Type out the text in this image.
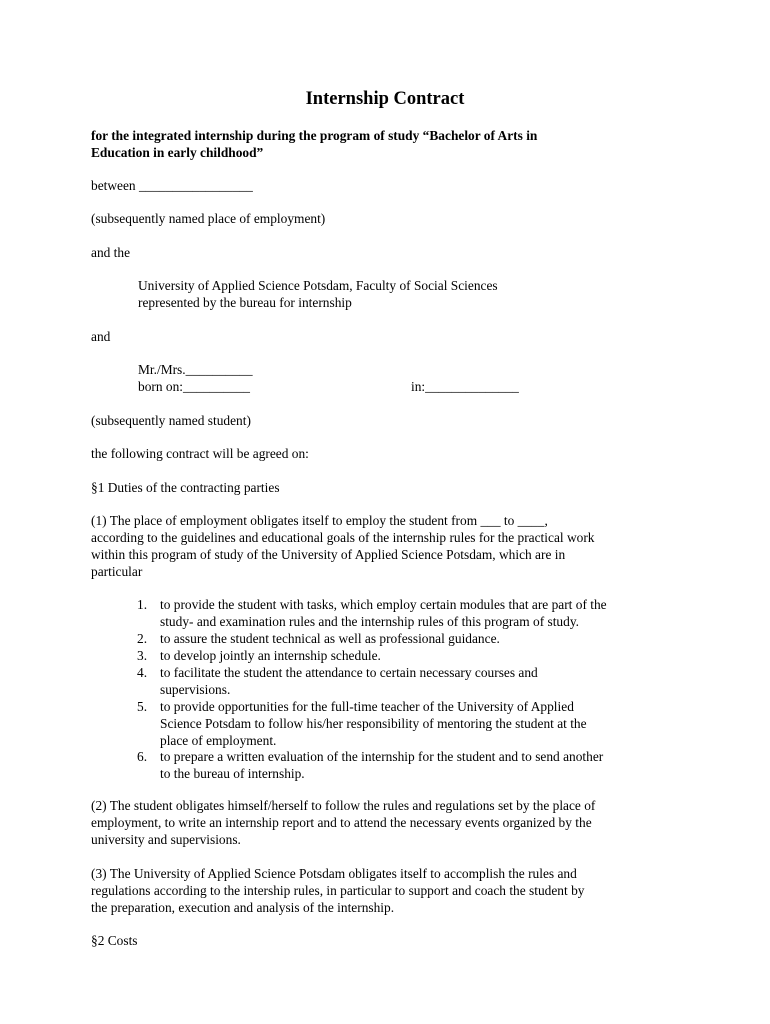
Internship Contract
for the integrated internship during the program of study “Bachelor of Arts in
Education in early childhood”
between _________________
(subsequently named place of employment)
and the
University of Applied Science Potsdam, Faculty of Social Sciences
represented by the bureau for internship
and
Mr./Mrs.__________
born on:__________	in:______________
(subsequently named student)
the following contract will be agreed on:
§1 Duties of the contracting parties
(1) The place of employment obligates itself to employ the student from ___ to ____,
according to the guidelines and educational goals of the internship rules for the practical work
within this program of study of the University of Applied Science Potsdam, which are in
particular
1. to provide the student with tasks, which employ certain modules that are part of the
study- and examination rules and the internship rules of this program of study.
2. to assure the student technical as well as professional guidance.
3. to develop jointly an internship schedule.
4. to facilitate the student the attendance to certain necessary courses and
supervisions.
5. to provide opportunities for the full-time teacher of the University of Applied
Science Potsdam to follow his/her responsibility of mentoring the student at the
place of employment.
6. to prepare a written evaluation of the internship for the student and to send another
to the bureau of internship.
(2) The student obligates himself/herself to follow the rules and regulations set by the place of
employment, to write an internship report and to attend the necessary events organized by the
university and supervisions.
(3) The University of Applied Science Potsdam obligates itself to accomplish the rules and
regulations according to the intership rules, in particular to support and coach the student by
the preparation, execution and analysis of the internship.
§2 Costs
